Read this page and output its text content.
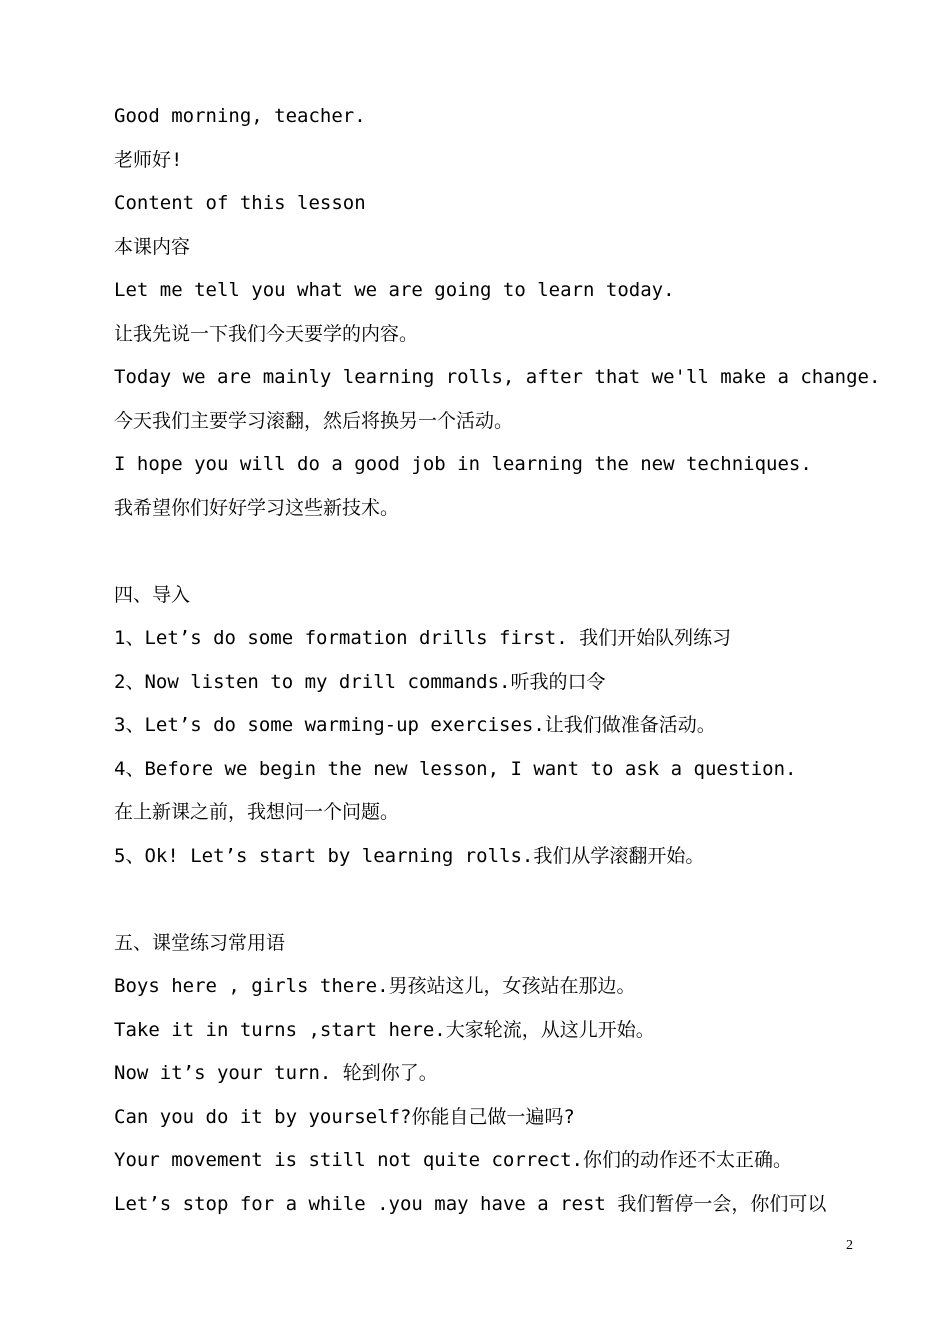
Good morning, teacher.
老师好!
Content of this lesson
本课内容
Let me tell you what we are going to learn today.
让我先说一下我们今天要学的内容。
Today we are mainly learning rolls, after that we'll make a change.
今天我们主要学习滚翻，然后将换另一个活动。
I hope you will do a good job in learning the new techniques.
我希望你们好好学习这些新技术。
四、导入
1、Let’s do some formation drills first. 我们开始队列练习
2、Now listen to my drill commands.听我的口令
3、Let’s do some warming-up exercises.让我们做准备活动。
4、Before we begin the new lesson, I want to ask a question.
在上新课之前，我想问一个问题。
5、Ok! Let’s start by learning rolls.我们从学滚翻开始。
五、课堂练习常用语
Boys here , girls there.男孩站这儿，女孩站在那边。
Take it in turns ,start here.大家轮流，从这儿开始。
Now it’s your turn. 轮到你了。
Can you do it by yourself?你能自己做一遍吗?
Your movement is still not quite correct.你们的动作还不太正确。
Let’s stop for a while .you may have a rest 我们暂停一会，你们可以
2
